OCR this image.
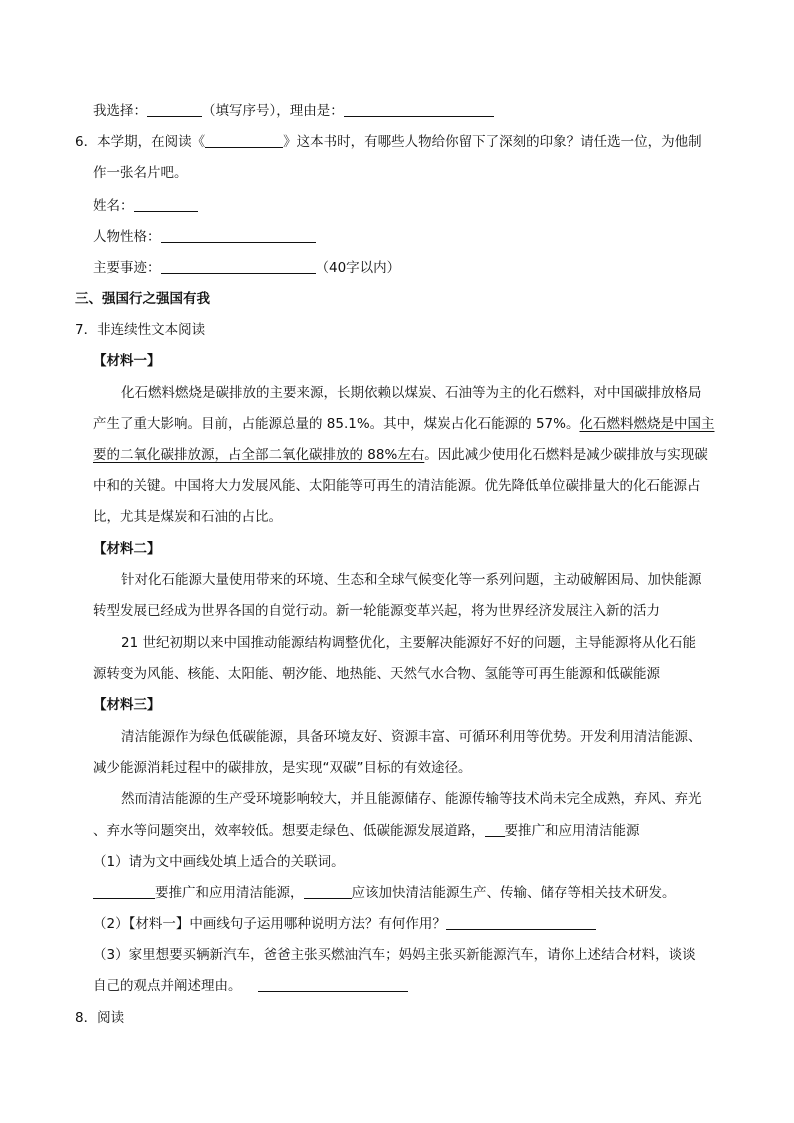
我选择：	（填写序号），理由是：
6．本学期，在阅读《	》这本书时，有哪些人物给你留下了深刻的印象？请任选一位，为他制
作一张名片吧。
姓名：
人物性格：
主要事迹：	（40字以内）
三、强国行之强国有我
7．非连续性文本阅读
【材料一】
化石燃料燃烧是碳排放的主要来源，长期依赖以煤炭、石油等为主的化石燃料，对中国碳排放格局
产生了重大影响。目前，占能源总量的 85.1%。其中，煤炭占化石能源的 57%。化石燃料燃烧是中国主
要的二氧化碳排放源，占全部二氧化碳排放的 88%左右。因此减少使用化石燃料是减少碳排放与实现碳
中和的关键。中国将大力发展风能、太阳能等可再生的清洁能源。优先降低单位碳排量大的化石能源占
比，尤其是煤炭和石油的占比。
【材料二】
针对化石能源大量使用带来的环境、生态和全球气候变化等一系列问题，主动破解困局、加快能源
转型发展已经成为世界各国的自觉行动。新一轮能源变革兴起，将为世界经济发展注入新的活力
21 世纪初期以来中国推动能源结构调整优化，主要解决能源好不好的问题，主导能源将从化石能
源转变为风能、核能、太阳能、朝汐能、地热能、天然气水合物、氢能等可再生能源和低碳能源
【材料三】
清洁能源作为绿色低碳能源，具备环境友好、资源丰富、可循环利用等优势。开发利用清洁能源、
减少能源消耗过程中的碳排放，是实现“双碳”目标的有效途径。
然而清洁能源的生产受环境影响较大，并且能源储存、能源传输等技术尚未完全成熟，弃风、弃光
、弃水等问题突出，效率较低。想要走绿色、低碳能源发展道路， 要推广和应用清洁能源
（1）请为文中画线处填上适合的关联词。
要推广和应用清洁能源，	应该加快清洁能源生产、传输、储存等相关技术研发。
（2）【材料一】中画线句子运用哪种说明方法？有何作用？
（3）家里想要买辆新汽车，爸爸主张买燃油汽车；妈妈主张买新能源汽车，请你上述结合材料，谈谈
自己的观点并阐述理由。
8．阅读
